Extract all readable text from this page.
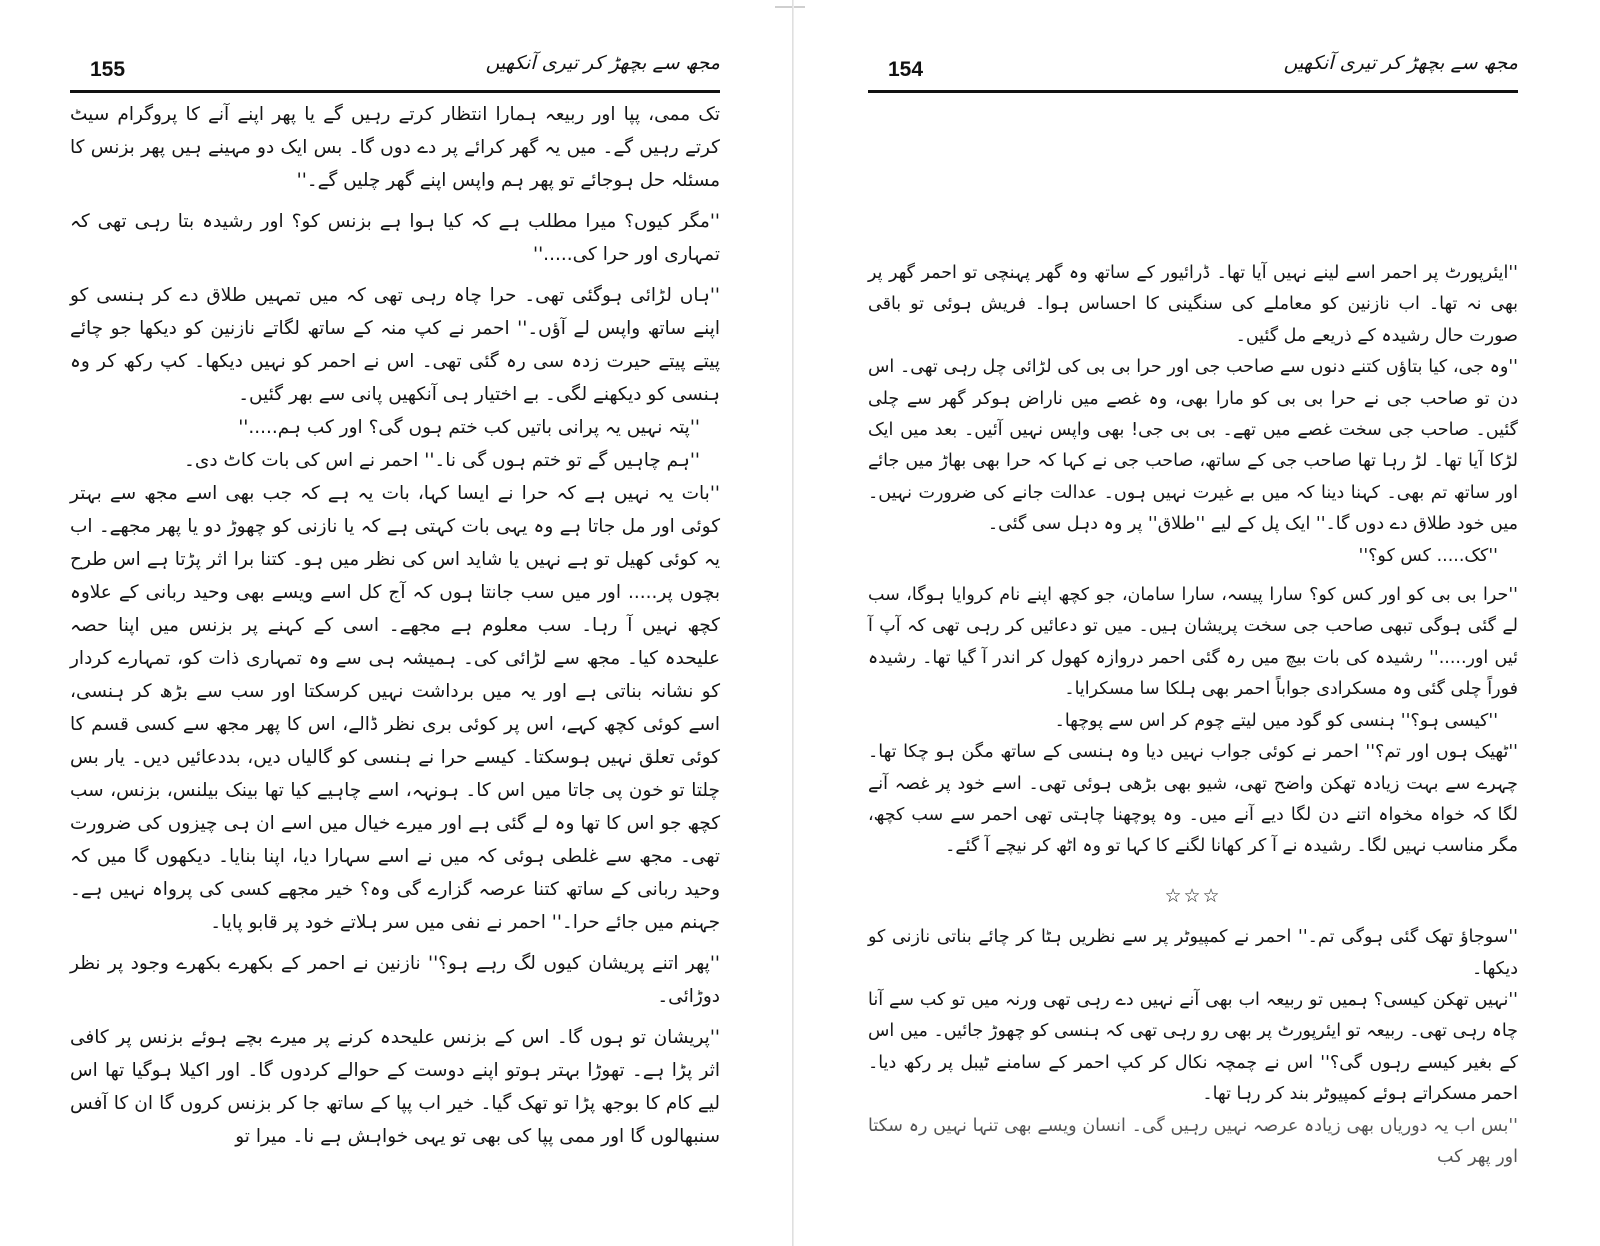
155	مجھ سے بچھڑ کر تیری آنکھیں

تک ممی، پپا اور ربیعہ ہمارا انتظار کرتے رہیں گے یا پھر اپنے آنے کا پروگرام سیٹ کرتے رہیں گے۔ میں یہ گھر کرائے پر دے دوں گا۔ بس ایک دو مہینے ہیں پھر بزنس کا مسئلہ حل ہوجائے تو پھر ہم واپس اپنے گھر چلیں گے۔''

''مگر کیوں؟ میرا مطلب ہے کہ کیا ہوا ہے بزنس کو؟ اور رشیدہ بتا رہی تھی کہ تمہاری اور حرا کی.....''

''ہاں لڑائی ہوگئی تھی۔ حرا چاہ رہی تھی کہ میں تمہیں طلاق دے کر ہنسی کو اپنے ساتھ واپس لے آؤں۔'' احمر نے کپ منہ کے ساتھ لگاتے نازنین کو دیکھا جو چائے پیتے پیتے حیرت زدہ سی رہ گئی تھی۔ اس نے احمر کو نہیں دیکھا۔ کپ رکھ کر وہ ہنسی کو دیکھنے لگی۔ بے اختیار ہی آنکھیں پانی سے بھر گئیں۔

''پتہ نہیں یہ پرانی باتیں کب ختم ہوں گی؟ اور کب ہم.....''

''ہم چاہیں گے تو ختم ہوں گی نا۔'' احمر نے اس کی بات کاٹ دی۔

''بات یہ نہیں ہے کہ حرا نے ایسا کہا، بات یہ ہے کہ جب بھی اسے مجھ سے بہتر کوئی اور مل جاتا ہے وہ یہی بات کہتی ہے کہ یا نازنی کو چھوڑ دو یا پھر مجھے۔ اب یہ کوئی کھیل تو ہے نہیں یا شاید اس کی نظر میں ہو۔ کتنا برا اثر پڑتا ہے اس طرح بچوں پر..... اور میں سب جانتا ہوں کہ آج کل اسے ویسے بھی وحید ربانی کے علاوہ کچھ نہیں آ رہا۔ سب معلوم ہے مجھے۔ اسی کے کہنے پر بزنس میں اپنا حصہ علیحدہ کیا۔ مجھ سے لڑائی کی۔ ہمیشہ ہی سے وہ تمہاری ذات کو، تمہارے کردار کو نشانہ بناتی ہے اور یہ میں برداشت نہیں کرسکتا اور سب سے بڑھ کر ہنسی، اسے کوئی کچھ کہے، اس پر کوئی بری نظر ڈالے، اس کا پھر مجھ سے کسی قسم کا کوئی تعلق نہیں ہوسکتا۔ کیسے حرا نے ہنسی کو گالیاں دیں، بددعائیں دیں۔ یار بس چلتا تو خون پی جاتا میں اس کا۔ ہونہہ، اسے چاہیے کیا تھا بینک بیلنس، بزنس، سب کچھ جو اس کا تھا وہ لے گئی ہے اور میرے خیال میں اسے ان ہی چیزوں کی ضرورت تھی۔ مجھ سے غلطی ہوئی کہ میں نے اسے سہارا دیا، اپنا بنایا۔ دیکھوں گا میں کہ وحید ربانی کے ساتھ کتنا عرصہ گزارے گی وہ؟ خیر مجھے کسی کی پرواہ نہیں ہے۔ جہنم میں جائے حرا۔'' احمر نے نفی میں سر ہلاتے خود پر قابو پایا۔

''پھر اتنے پریشان کیوں لگ رہے ہو؟'' نازنین نے احمر کے بکھرے بکھرے وجود پر نظر دوڑائی۔

''پریشان تو ہوں گا۔ اس کے بزنس علیحدہ کرنے پر میرے بچے ہوئے بزنس پر کافی اثر پڑا ہے۔ تھوڑا بہتر ہوتو اپنے دوست کے حوالے کردوں گا۔ اور اکیلا ہوگیا تھا اس لیے کام کا بوجھ پڑا تو تھک گیا۔ خیر اب پپا کے ساتھ جا کر بزنس کروں گا ان کا آفس سنبھالوں گا اور ممی پپا کی بھی تو یہی خواہش ہے نا۔ میرا تو

154	مجھ سے بچھڑ کر تیری آنکھیں

''ایئرپورٹ پر احمر اسے لینے نہیں آیا تھا۔ ڈرائیور کے ساتھ وہ گھر پہنچی تو احمر گھر پر بھی نہ تھا۔ اب نازنین کو معاملے کی سنگینی کا احساس ہوا۔ فریش ہوئی تو باقی صورت حال رشیدہ کے ذریعے مل گئیں۔

''وہ جی، کیا بتاؤں کتنے دنوں سے صاحب جی اور حرا بی بی کی لڑائی چل رہی تھی۔ اس دن تو صاحب جی نے حرا بی بی کو مارا بھی، وہ غصے میں ناراض ہوکر گھر سے چلی گئیں۔ صاحب جی سخت غصے میں تھے۔ بی بی جی! بھی واپس نہیں آئیں۔ بعد میں ایک لڑکا آیا تھا۔ لڑ رہا تھا صاحب جی کے ساتھ، صاحب جی نے کہا کہ حرا بھی بھاڑ میں جائے اور ساتھ تم بھی۔ کہنا دینا کہ میں بے غیرت نہیں ہوں۔ عدالت جانے کی ضرورت نہیں۔ میں خود طلاق دے دوں گا۔'' ایک پل کے لیے ''طلاق'' پر وہ دہل سی گئی۔

''کک..... کس کو؟''

''حرا بی بی کو اور کس کو؟ سارا پیسہ، سارا سامان، جو کچھ اپنے نام کروایا ہوگا، سب لے گئی ہوگی تبھی صاحب جی سخت پریشان ہیں۔ میں تو دعائیں کر رہی تھی کہ آپ آ ئیں اور.....'' رشیدہ کی بات بیچ میں رہ گئی احمر دروازہ کھول کر اندر آ گیا تھا۔ رشیدہ فوراً چلی گئی وہ مسکرادی جواباً احمر بھی ہلکا سا مسکرایا۔

''کیسی ہو؟'' ہنسی کو گود میں لیتے چوم کر اس سے پوچھا۔

''ٹھیک ہوں اور تم؟'' احمر نے کوئی جواب نہیں دیا وہ ہنسی کے ساتھ مگن ہو چکا تھا۔ چہرے سے بہت زیادہ تھکن واضح تھی، شیو بھی بڑھی ہوئی تھی۔ اسے خود پر غصہ آنے لگا کہ خواہ مخواہ اتنے دن لگا دیے آنے میں۔ وہ پوچھنا چاہتی تھی احمر سے سب کچھ، مگر مناسب نہیں لگا۔ رشیدہ نے آ کر کھانا لگنے کا کہا تو وہ اٹھ کر نیچے آ گئے۔

☆☆☆

''سوجاؤ تھک گئی ہوگی تم۔'' احمر نے کمپیوٹر پر سے نظریں ہٹا کر چائے بناتی نازنی کو دیکھا۔

''نہیں تھکن کیسی؟ ہمیں تو ربیعہ اب بھی آنے نہیں دے رہی تھی ورنہ میں تو کب سے آنا چاہ رہی تھی۔ ربیعہ تو ایئرپورٹ پر بھی رو رہی تھی کہ ہنسی کو چھوڑ جائیں۔ میں اس کے بغیر کیسے رہوں گی؟'' اس نے چمچہ نکال کر کپ احمر کے سامنے ٹیبل پر رکھ دیا۔ احمر مسکراتے ہوئے کمپیوٹر بند کر رہا تھا۔

''بس اب یہ دوریاں بھی زیادہ عرصہ نہیں رہیں گی۔ انسان ویسے بھی تنہا نہیں رہ سکتا اور پھر کب
